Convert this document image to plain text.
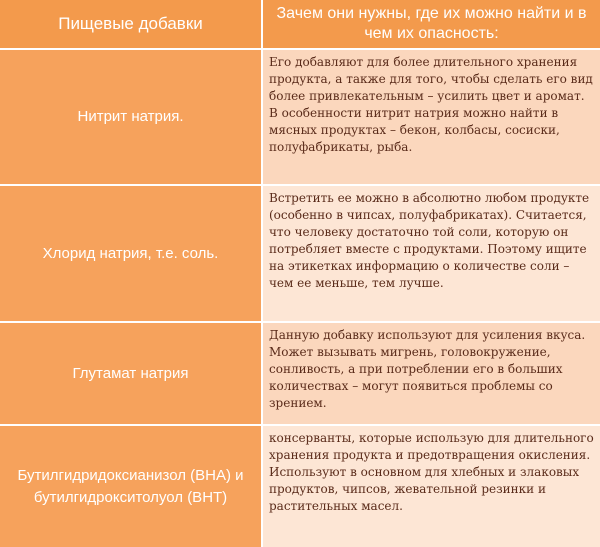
Пищевые добавки
Зачем они нужны, где их можно найти и в чем их опасность:
Нитрит натрия.
Его добавляют для более длительного хранения продукта, а также для того, чтобы сделать его вид более привлекательным – усилить цвет и аромат. В особенности нитрит натрия можно найти в мясных продуктах – бекон, колбасы, сосиски, полуфабрикаты, рыба.
Хлорид натрия, т.е. соль.
Встретить ее можно в абсолютно любом продукте (особенно в чипсах, полуфабрикатах). Считается, что человеку достаточно той соли, которую он потребляет вместе с продуктами. Поэтому ищите на этикетках информацию о количестве соли – чем ее меньше, тем лучше.
Глутамат натрия
Данную добавку используют для усиления вкуса. Может вызывать мигрень, головокружение, сонливость, а при потреблении его в больших количествах – могут появиться проблемы со зрением.
Бутилгидридоксианизол (BHA) и бутилгидрокситолуол (BHT)
консерванты, которые использую для длительного хранения продукта и предотвращения окисления. Используют в основном для хлебных и злаковых продуктов, чипсов, жевательной резинки и растительных масел.
